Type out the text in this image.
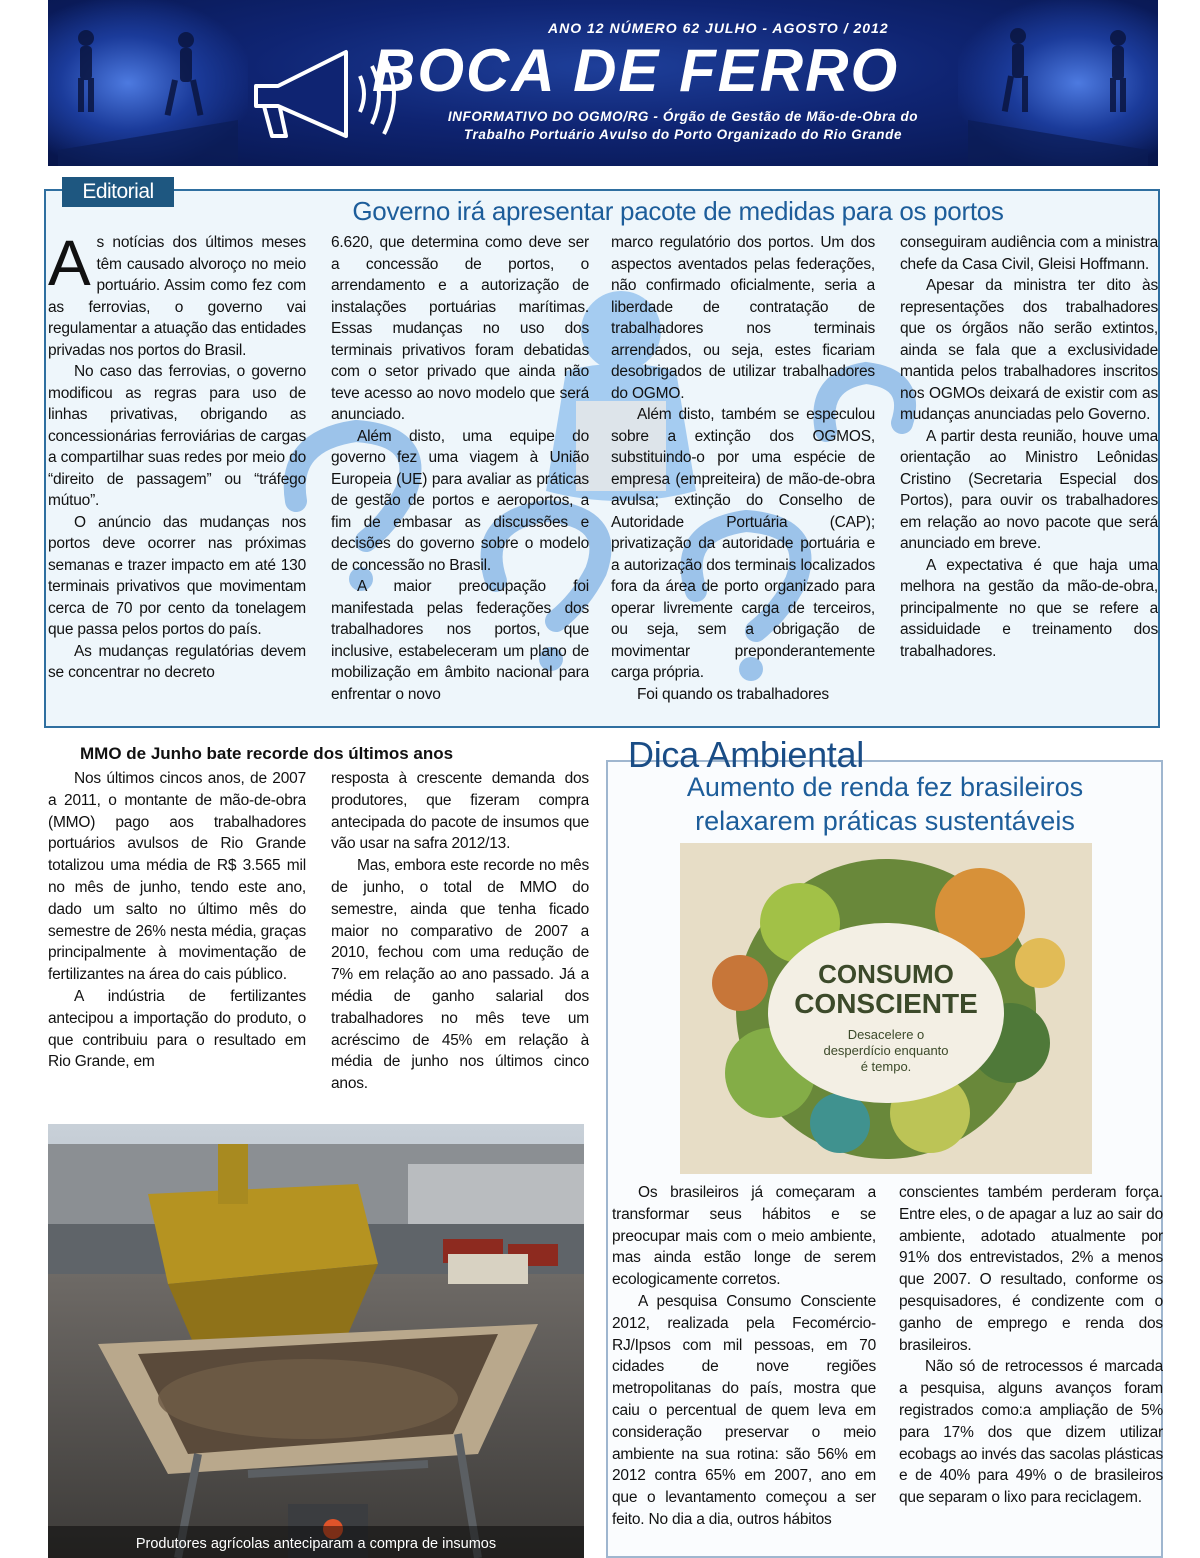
ANO 12 NÚMERO 62 JULHO - AGOSTO / 2012
BOCA DE FERRO
INFORMATIVO DO OGMO/RG - Órgão de Gestão de Mão-de-Obra do
Trabalho Portuário Avulso do Porto Organizado do Rio Grande
Editorial
Governo irá apresentar pacote de medidas para os portos

As notícias dos últimos meses têm causado alvoroço no meio portuário. Assim como fez com as ferrovias, o governo vai regulamentar a atuação das entidades privadas nos portos do Brasil.

No caso das ferrovias, o governo modificou as regras para uso de linhas privativas, obrigando as concessionárias ferroviárias de cargas a compartilhar suas redes por meio do “direito de passagem” ou “tráfego mútuo”.

O anúncio das mudanças nos portos deve ocorrer nas próximas semanas e trazer impacto em até 130 terminais privativos que movimentam cerca de 70 por cento da tonelagem que passa pelos portos do país.

As mudanças regulatórias devem se concentrar no decreto

6.620, que determina como deve ser a concessão de portos, o arrendamento e a autorização de instalações portuárias marítimas. Essas mudanças no uso dos terminais privativos foram debatidas com o setor privado que ainda não teve acesso ao novo modelo que será anunciado.

Além disto, uma equipe do governo fez uma viagem à União Europeia (UE) para avaliar as práticas de gestão de portos e aeroportos, a fim de embasar as discussões e decisões do governo sobre o modelo de concessão no Brasil.

A maior preocupação foi manifestada pelas federações dos trabalhadores nos portos, que inclusive, estabeleceram um plano de mobilização em âmbito nacional para enfrentar o novo

marco regulatório dos portos. Um dos aspectos aventados pelas federações, não confirmado oficialmente, seria a liberdade de contratação de trabalhadores nos terminais arrendados, ou seja, estes ficariam desobrigados de utilizar trabalhadores do OGMO.

Além disto, também se especulou sobre a extinção dos OGMOS, substituindo-o por uma espécie de empresa (empreiteira) de mão-de-obra avulsa; extinção do Conselho de Autoridade Portuária (CAP); privatização da autoridade portuária e a autorização dos terminais localizados fora da área de porto organizado para operar livremente carga de terceiros, ou seja, sem a obrigação de movimentar preponderantemente carga própria.

Foi quando os trabalhadores

conseguiram audiência com a ministra chefe da Casa Civil, Gleisi Hoffmann.

Apesar da ministra ter dito às representações dos trabalhadores que os órgãos não serão extintos, ainda se fala que a exclusividade mantida pelos trabalhadores inscritos nos OGMOs deixará de existir com as mudanças anunciadas pelo Governo.

A partir desta reunião, houve uma orientação ao Ministro Leônidas Cristino (Secretaria Especial dos Portos), para ouvir os trabalhadores em relação ao novo pacote que será anunciado em breve.

A expectativa é que haja uma melhora na gestão da mão-de-obra, principalmente no que se refere a assiduidade e treinamento dos trabalhadores.

MMO de Junho bate recorde dos últimos anos

Nos últimos cincos anos, de 2007 a 2011, o montante de mão-de-obra (MMO) pago aos trabalhadores portuários avulsos de Rio Grande totalizou uma média de R$ 3.565 mil no mês de junho, tendo este ano, dado um salto no último mês do semestre de 26% nesta média, graças principalmente à movimentação de fertilizantes na área do cais público.

A indústria de fertilizantes antecipou a importação do produto, o que contribuiu para o resultado em Rio Grande, em

resposta à crescente demanda dos produtores, que fizeram compra antecipada do pacote de insumos que vão usar na safra 2012/13.

Mas, embora este recorde no mês de junho, o total de MMO do semestre, ainda que tenha ficado maior no comparativo de 2007 a 2010, fechou com uma redução de 7% em relação ao ano passado. Já a média de ganho salarial dos trabalhadores no mês teve um acréscimo de 45% em relação à média de junho nos últimos cinco anos.

Produtores agrícolas anteciparam a compra de insumos
Dica Ambiental
Aumento de renda fez brasileiros
relaxarem práticas sustentáveis
CONSUMO
CONSCIENTE
Desacelere o
desperdício enquanto
é tempo.

Os brasileiros já começaram a transformar seus hábitos e se preocupar mais com o meio ambiente, mas ainda estão longe de serem ecologicamente corretos.

A pesquisa Consumo Consciente 2012, realizada pela Fecomércio-RJ/Ipsos com mil pessoas, em 70 cidades de nove regiões metropolitanas do país, mostra que caiu o percentual de quem leva em consideração preservar o meio ambiente na sua rotina: são 56% em 2012 contra 65% em 2007, ano em que o levantamento começou a ser feito. No dia a dia, outros hábitos

conscientes também perderam força. Entre eles, o de apagar a luz ao sair do ambiente, adotado atualmente por 91% dos entrevistados, 2% a menos que 2007. O resultado, conforme os pesquisadores, é condizente com o ganho de emprego e renda dos brasileiros.

Não só de retrocessos é marcada a pesquisa, alguns avanços foram registrados como:a ampliação de 5% para 17% dos que dizem utilizar ecobags ao invés das sacolas plásticas e de 40% para 49% o de brasileiros que separam o lixo para reciclagem.
